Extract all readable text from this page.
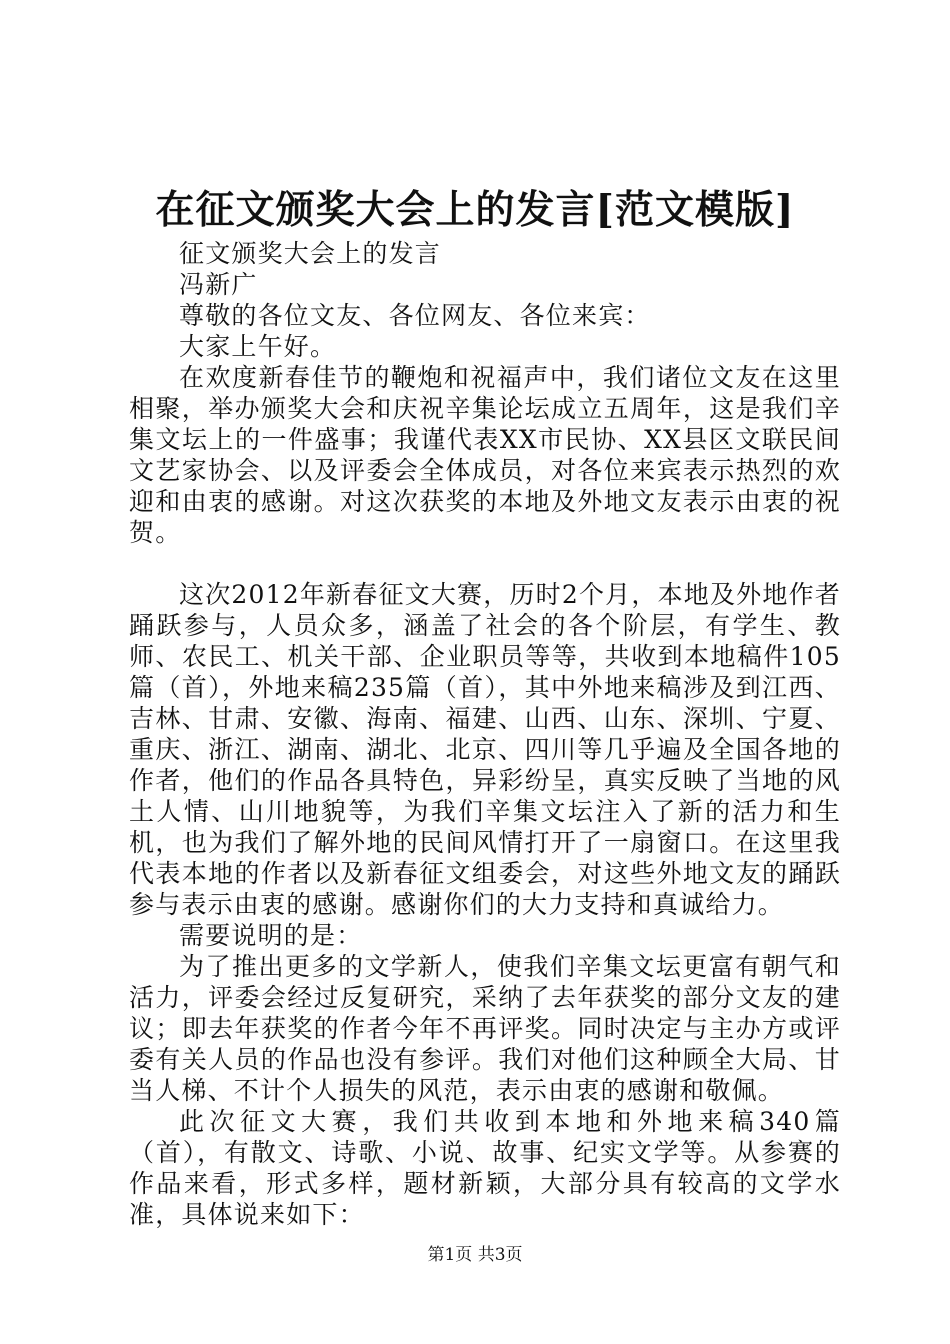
在征文颁奖大会上的发言[范文模版]

征文颁奖大会上的发言

冯新广

尊敬的各位文友、各位网友、各位来宾：

大家上午好。

在欢度新春佳节的鞭炮和祝福声中，我们诸位文友在这里相聚，举办颁奖大会和庆祝辛集论坛成立五周年，这是我们辛集文坛上的一件盛事；我谨代表XX市民协、XX县区文联民间文艺家协会、以及评委会全体成员，对各位来宾表示热烈的欢迎和由衷的感谢。对这次获奖的本地及外地文友表示由衷的祝贺。

这次2012年新春征文大赛，历时2个月，本地及外地作者踊跃参与，人员众多，涵盖了社会的各个阶层，有学生、教师、农民工、机关干部、企业职员等等，共收到本地稿件105篇（首），外地来稿235篇（首），其中外地来稿涉及到江西、吉林、甘肃、安徽、海南、福建、山西、山东、深圳、宁夏、重庆、浙江、湖南、湖北、北京、四川等几乎遍及全国各地的作者，他们的作品各具特色，异彩纷呈，真实反映了当地的风土人情、山川地貌等，为我们辛集文坛注入了新的活力和生机，也为我们了解外地的民间风情打开了一扇窗口。在这里我代表本地的作者以及新春征文组委会，对这些外地文友的踊跃参与表示由衷的感谢。感谢你们的大力支持和真诚给力。

需要说明的是：

为了推出更多的文学新人，使我们辛集文坛更富有朝气和活力，评委会经过反复研究，采纳了去年获奖的部分文友的建议；即去年获奖的作者今年不再评奖。同时决定与主办方或评委有关人员的作品也没有参评。我们对他们这种顾全大局、甘当人梯、不计个人损失的风范，表示由衷的感谢和敬佩。

此次征文大赛，我们共收到本地和外地来稿340篇（首），有散文、诗歌、小说、故事、纪实文学等。从参赛的作品来看，形式多样，题材新颖，大部分具有较高的文学水准，具体说来如下：

第1页 共3页
